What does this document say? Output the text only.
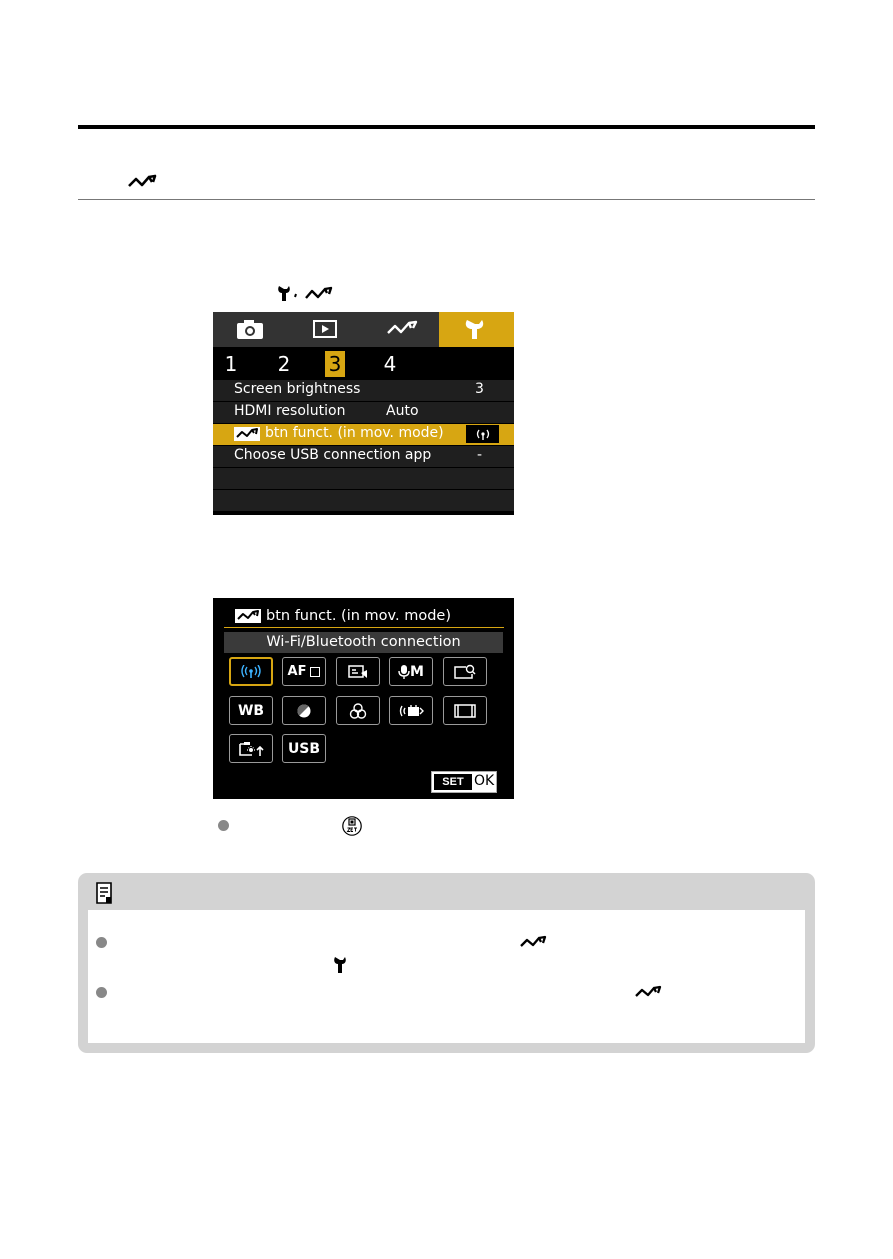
1 2 3 4
Screen brightness	3
HDMI resolution	Auto
btn funct. (in mov. mode)
Choose USB connection app	-
btn funct. (in mov. mode)
Wi-Fi/Bluetooth connection
AF	M
WB
USB
SET OK
